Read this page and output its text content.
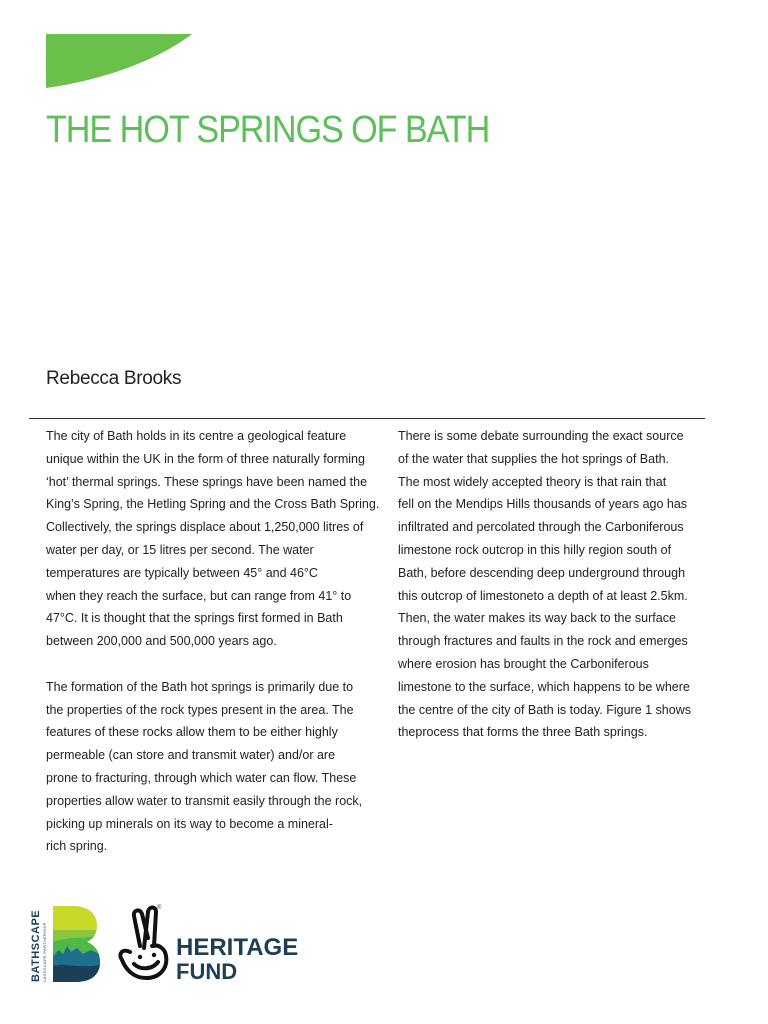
THE HOT SPRINGS OF BATH
Rebecca Brooks

The city of Bath holds in its centre a geological feature
unique within the UK in the form of three naturally forming
‘hot’ thermal springs. These springs have been named the
King’s Spring, the Hetling Spring and the Cross Bath Spring.
Collectively, the springs displace about 1,250,000 litres of
water per day, or 15 litres per second. The water
temperatures are typically between 45° and 46°C
when they reach the surface, but can range from 41° to
47°C. It is thought that the springs first formed in Bath
between 200,000 and 500,000 years ago.

The formation of the Bath hot springs is primarily due to
the properties of the rock types present in the area. The
features of these rocks allow them to be either highly
permeable (can store and transmit water) and/or are
prone to fracturing, through which water can flow. These
properties allow water to transmit easily through the rock,
picking up minerals on its way to become a mineral-
rich spring.

There is some debate surrounding the exact source
of the water that supplies the hot springs of Bath.
The most widely accepted theory is that rain that
fell on the Mendips Hills thousands of years ago has
infiltrated and percolated through the Carboniferous
limestone rock outcrop in this hilly region south of
Bath, before descending deep underground through
this outcrop of limestoneto a depth of at least 2.5km.
Then, the water makes its way back to the surface
through fractures and faults in the rock and emerges
where erosion has brought the Carboniferous
limestone to the surface, which happens to be where
the centre of the city of Bath is today. Figure 1 shows
theprocess that forms the three Bath springs.

BATHSCAPE LANDSCAPE PARTNERSHIP
®
HERITAGE
FUND
